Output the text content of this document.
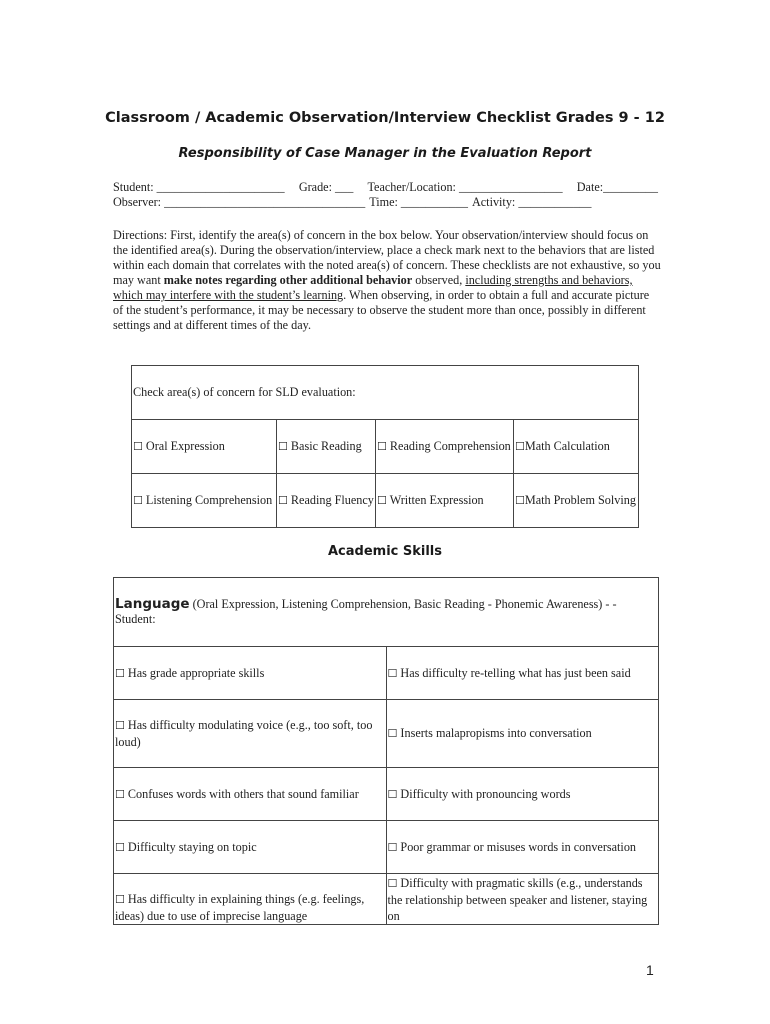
Classroom / Academic Observation/Interview Checklist Grades 9 - 12
Responsibility of Case Manager in the Evaluation Report
Student: _____________________ Grade: ___ Teacher/Location: _________________ Date:_________
Observer: _________________________________ Time: ___________ Activity: ____________
Directions: First, identify the area(s) of concern in the box below. Your observation/interview should focus on the identified area(s). During the observation/interview, place a check mark next to the behaviors that are listed within each domain that correlates with the noted area(s) of concern. These checklists are not exhaustive, so you may want make notes regarding other additional behavior observed, including strengths and behaviors, which may interfere with the student’s learning. When observing, in order to obtain a full and accurate picture of the student’s performance, it may be necessary to observe the student more than once, possibly in different settings and at different times of the day.
Check area(s) of concern for SLD evaluation:			
☐ Oral Expression	☐ Basic Reading	☐ Reading Comprehension	☐Math Calculation
☐ Listening Comprehension	☐ Reading Fluency	☐ Written Expression	☐Math Problem Solving
Academic Skills
Language (Oral Expression, Listening Comprehension, Basic Reading - Phonemic Awareness) - -
Student:	
☐ Has grade appropriate skills	☐ Has difficulty re-telling what has just been said
☐ Has difficulty modulating voice (e.g., too soft, too loud)	☐ Inserts malapropisms into conversation
☐ Confuses words with others that sound familiar	☐ Difficulty with pronouncing words
☐ Difficulty staying on topic	☐ Poor grammar or misuses words in conversation
☐ Has difficulty in explaining things (e.g. feelings, ideas) due to use of imprecise language	☐ Difficulty with pragmatic skills (e.g., understands the relationship between speaker and listener, staying on
1
